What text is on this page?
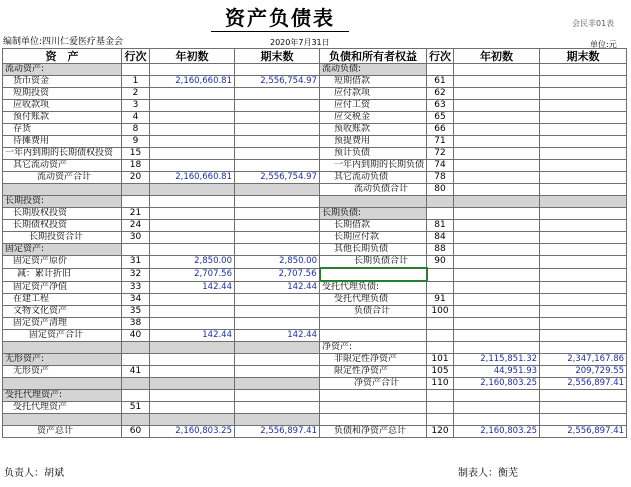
资产负债表	会民非01表
编制单位:四川仁爱医疗基金会	2020年7月31日	单位:元
资　产	行次	年初数	期末数	负债和所有者权益	行次	年初数	期末数
流动资产:				流动负债:			
货币资金	1	2,160,660.81	2,556,754.97	短期借款	61		
短期投资	2			应付款项	62		
应收款项	3			应付工资	63		
预付账款	4			应交税金	65		
存货	8			预收账款	66		
待摊费用	9			预提费用	71		
一年内到期的长期债权投资	15			预计负债	72		
其它流动资产	18			一年内到期的长期负债	74		
流动资产合计	20	2,160,660.81	2,556,754.97	其它流动负债	78		
				流动负债合计	80		
长期投资:							
长期股权投资	21			长期负债:			
长期债权投资	24			长期借款	81		
长期投资合计	30			长期应付款	84		
固定资产:				其他长期负债	88		
固定资产原价	31	2,850.00	2,850.00	长期负债合计	90		
减：累计折旧	32	2,707.56	2,707.56				
固定资产净值	33	142.44	142.44	受托代理负债:			
在建工程	34			受托代理负债	91		
文物文化资产	35			负债合计	100		
固定资产清理	38						
固定资产合计	40	142.44	142.44				
				净资产:			
无形资产:				非限定性净资产	101	2,115,851.32	2,347,167.86
无形资产	41			限定性净资产	105	44,951.93	209,729.55
				净资产合计	110	2,160,803.25	2,556,897.41
受托代理资产:							
受托代理资产	51						

资产总计	60	2,160,803.25	2,556,897.41	负债和净资产总计	120	2,160,803.25	2,556,897.41
负责人：胡斌	制表人：衡芜
